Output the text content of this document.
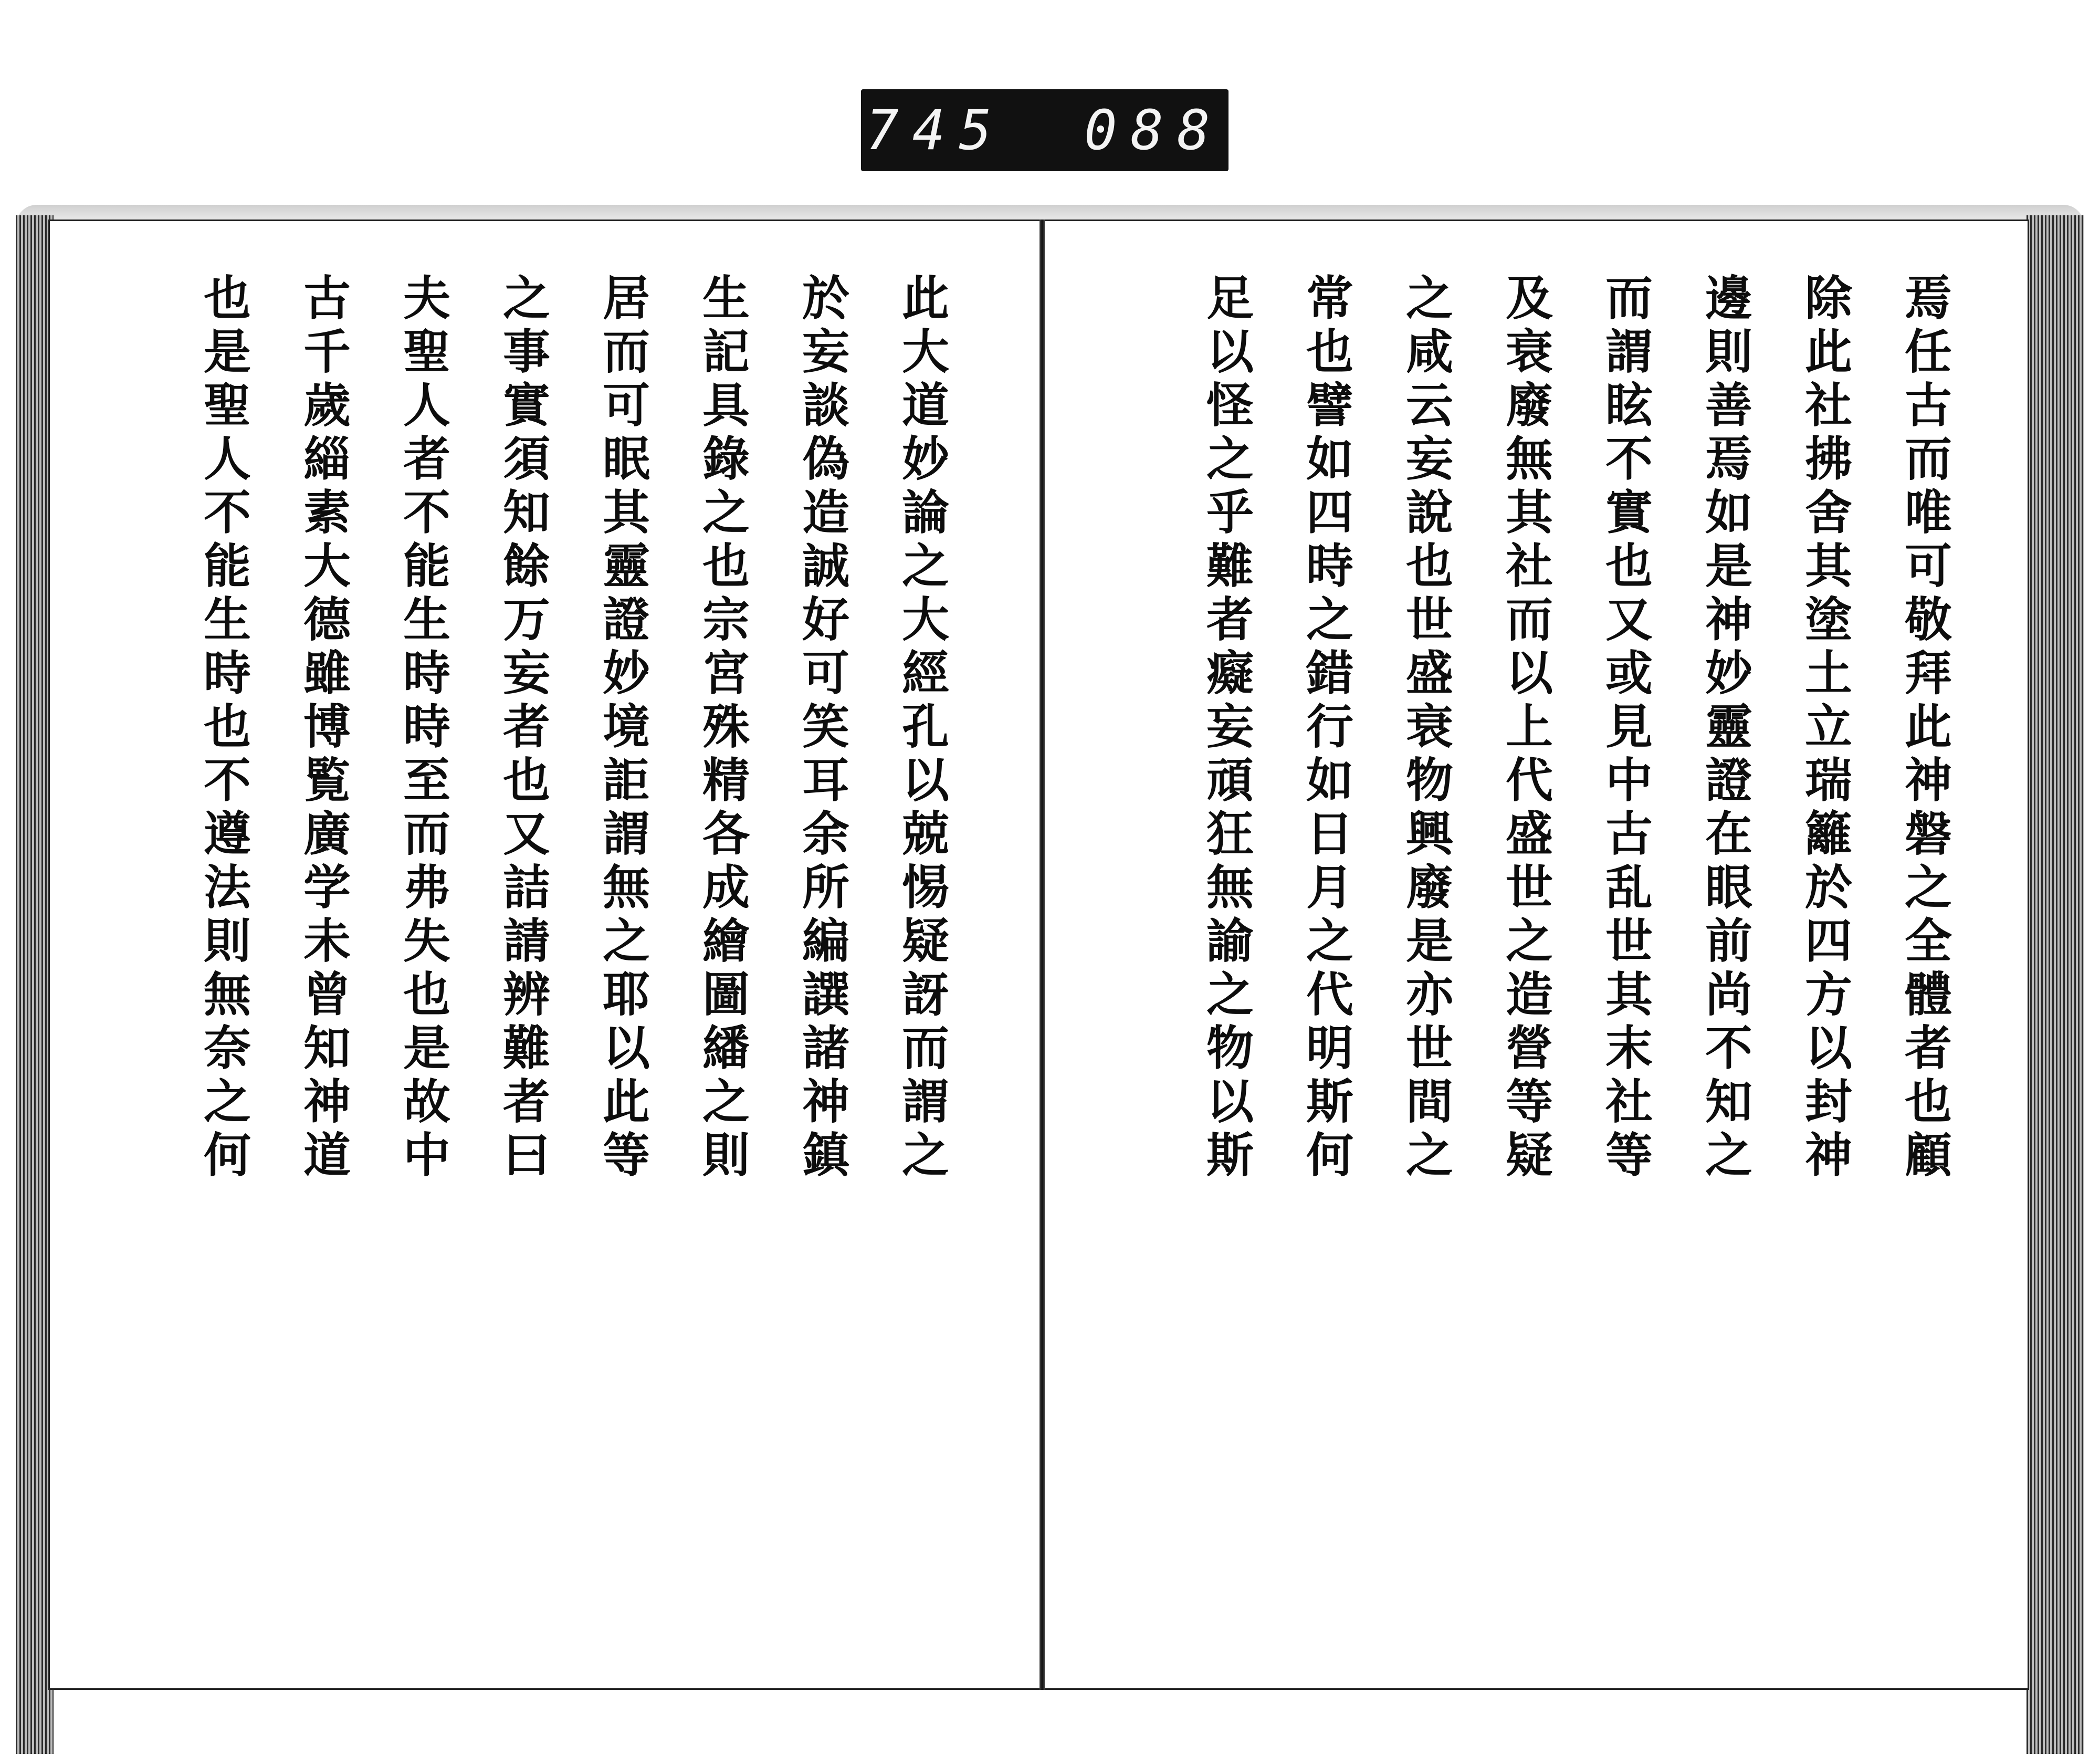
745 088
焉任古而唯可敬拜此神磐之全體者也顧
除此社拂舍其塗土立瑞籬於四方以封神
邊則善焉如是神妙靈證在眼前尚不知之
而謂眩不實也又或見中古乱世其末社等
及衰廢無其社而以上代盛世之造營等疑
之咸云妄說也世盛衰物興廢是亦世間之
常也譬如四時之錯行如日月之代明斯何
足以怪之乎難者癡妄頑狂無諭之物以斯
此大道妙論之大經孔以兢惕疑訝而謂之
於妄談偽造誠好可笑耳余所編譔諸神鎮
生記具錄之也宗宮殊精各成繪圖繙之則
居而可眠其靈證妙境詎謂無之耶以此等
之事實須知餘万妄者也又詰請辨難者曰
夫聖人者不能生時時至而弗失也是故中
古千歲緇素大德雖博覧廣学未曾知神道
也是聖人不能生時也不遵法則無奈之何
